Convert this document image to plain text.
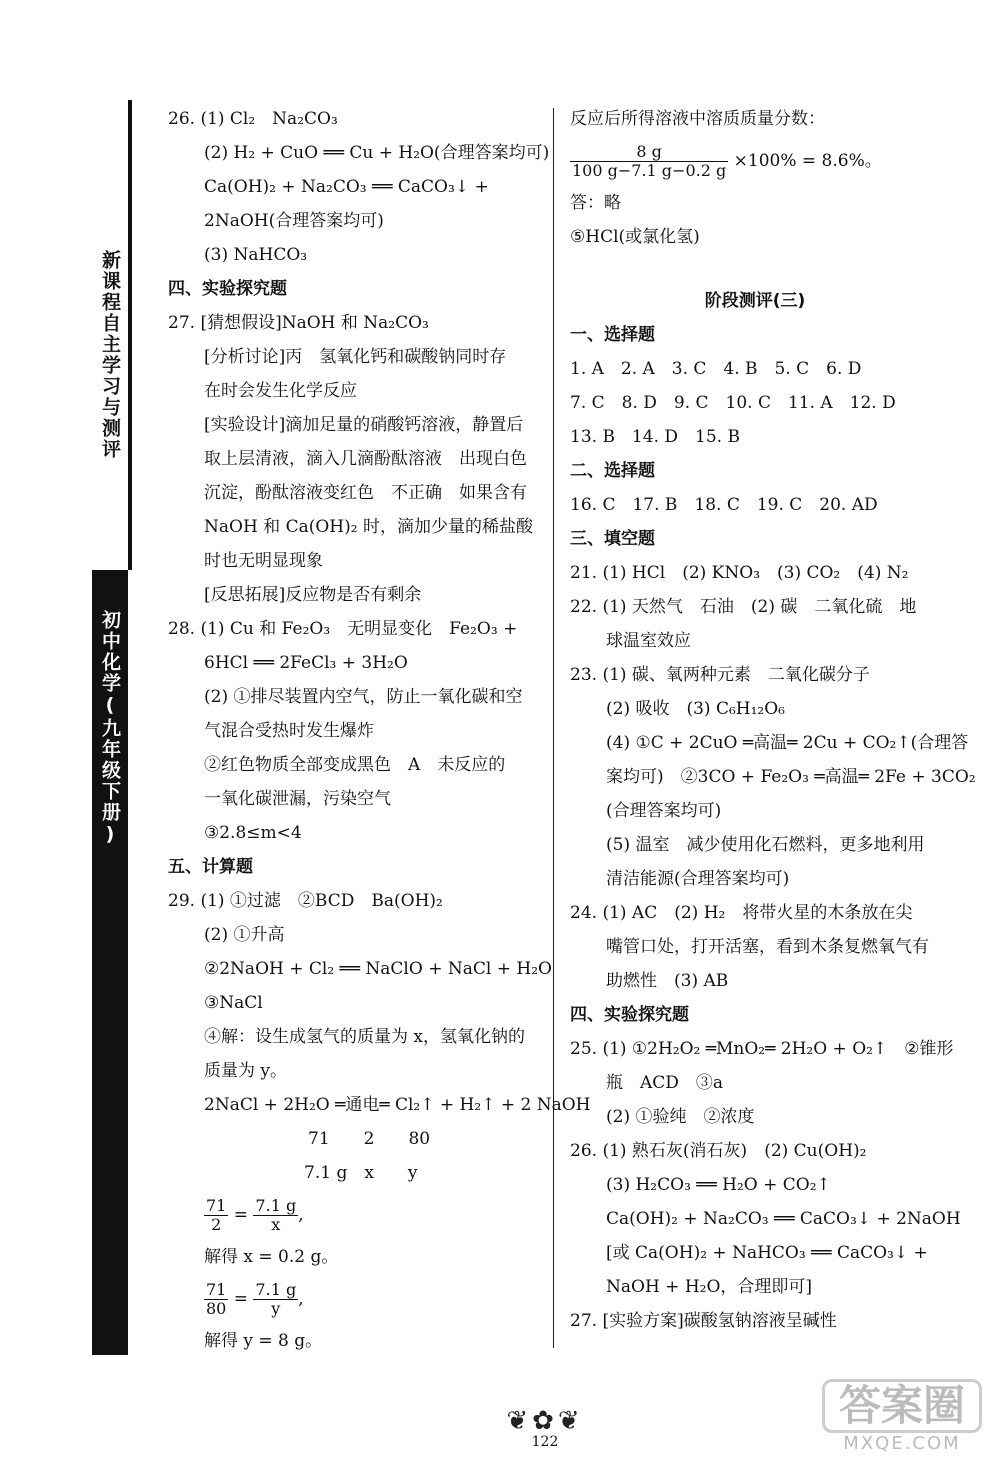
新课程自主学习与测评
初中化学(九年级下册)
26. (1) Cl₂　Na₂CO₃
(2) H₂ + CuO ══ Cu + H₂O(合理答案均可)
Ca(OH)₂ + Na₂CO₃ ══ CaCO₃↓ +
2NaOH(合理答案均可)
(3) NaHCO₃
四、实验探究题
27. [猜想假设]NaOH 和 Na₂CO₃
[分析讨论]丙　氢氧化钙和碳酸钠同时存
在时会发生化学反应
[实验设计]滴加足量的硝酸钙溶液，静置后
取上层清液，滴入几滴酚酞溶液　出现白色
沉淀，酚酞溶液变红色　不正确　如果含有
NaOH 和 Ca(OH)₂ 时，滴加少量的稀盐酸
时也无明显现象
[反思拓展]反应物是否有剩余
28. (1) Cu 和 Fe₂O₃　无明显变化　Fe₂O₃ +
6HCl ══ 2FeCl₃ + 3H₂O
(2) ①排尽装置内空气，防止一氧化碳和空
气混合受热时发生爆炸
②红色物质全部变成黑色　A　未反应的
一氧化碳泄漏，污染空气
③2.8≤m<4
五、计算题
29. (1) ①过滤　②BCD　Ba(OH)₂
(2) ①升高
②2NaOH + Cl₂ ══ NaClO + NaCl + H₂O
③NaCl
④解：设生成氢气的质量为 x，氢氧化钠的
质量为 y。
2NaCl + 2H₂O ═通电═ Cl₂↑ + H₂↑ + 2 NaOH
71　　2　　80
7.1 g　x　　y
$\frac{71}{2} = \frac{7.1 g}{x}$ ,
解得 x = 0.2 g。
$\frac{71}{80} = \frac{7.1 g}{y}$ ,
解得 y = 8 g。
反应后所得溶液中溶质质量分数：
$\frac{8 g}{100 g-7.1 g-0.2 g} \times 100\% = 8.6\%$。
答：略
⑤HCl(或氯化氢)
阶段测评(三)
一、选择题
1. A　2. A　3. C　4. B　5. C　6. D
7. C　8. D　9. C　10. C　11. A　12. D
13. B　14. D　15. B
二、选择题
16. C　17. B　18. C　19. C　20. AD
三、填空题
21. (1) HCl　(2) KNO₃　(3) CO₂　(4) N₂
22. (1) 天然气　石油　(2) 碳　二氧化硫　地
球温室效应
23. (1) 碳、氧两种元素　二氧化碳分子
(2) 吸收　(3) C₆H₁₂O₆
(4) ①C + 2CuO ═高温═ 2Cu + CO₂↑(合理答
案均可)　②3CO + Fe₂O₃ ═高温═ 2Fe + 3CO₂
(合理答案均可)
(5) 温室　减少使用化石燃料，更多地利用
清洁能源(合理答案均可)
24. (1) AC　(2) H₂　将带火星的木条放在尖
嘴管口处，打开活塞，看到木条复燃氧气有
助燃性　(3) AB
四、实验探究题
25. (1) ①2H₂O₂ ═MnO₂═ 2H₂O + O₂↑　②锥形
瓶　ACD　③a
(2) ①验纯　②浓度
26. (1) 熟石灰(消石灰)　(2) Cu(OH)₂
(3) H₂CO₃ ══ H₂O + CO₂↑
Ca(OH)₂ + Na₂CO₃ ══ CaCO₃↓ + 2NaOH
[或 Ca(OH)₂ + NaHCO₃ ══ CaCO₃↓ +
NaOH + H₂O，合理即可]
27. [实验方案]碳酸氢钠溶液呈碱性
❦✿❦
122
答案圈
MXQE.COM
